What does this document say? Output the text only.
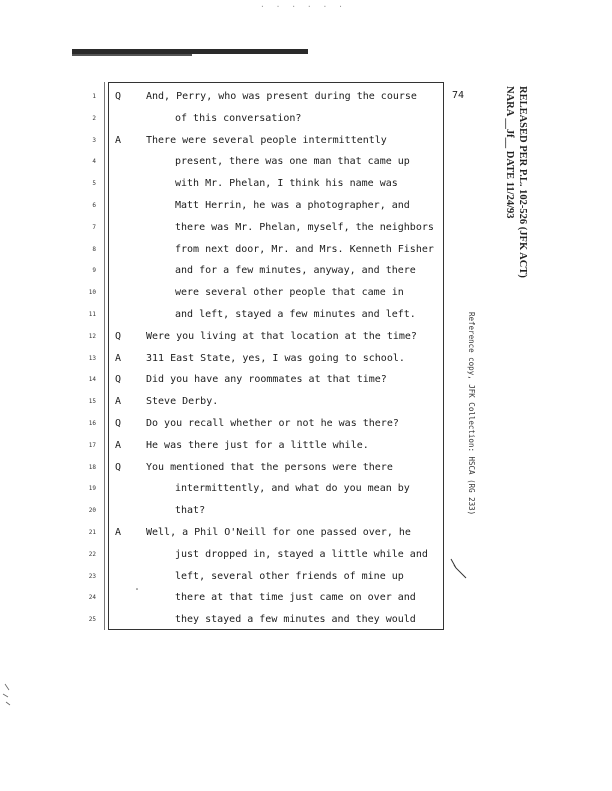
· · · · · ·
74	RELEASED PER P.L. 102-526 (JFK ACT)
NARA __Jf__ DATE 11/24/93
Reference copy, JFK Collection: HSCA (RG 233)
1 Q And, Perry, who was present during the course
2	of this conversation?
3 A There were several people intermittently
4	present, there was one man that came up
5	with Mr. Phelan, I think his name was
6	Matt Herrin, he was a photographer, and
7	there was Mr. Phelan, myself, the neighbors
8	from next door, Mr. and Mrs. Kenneth Fisher
9	and for a few minutes, anyway, and there
10	were several other people that came in
11	and left, stayed a few minutes and left.
12 Q Were you living at that location at the time?
13 A 311 East State, yes, I was going to school.
14 Q Did you have any roommates at that time?
15 A Steve Derby.
16 Q Do you recall whether or not he was there?
17 A He was there just for a little while.
18 Q You mentioned that the persons were there
19	intermittently, and what do you mean by
20	that?
21 A Well, a Phil O'Neill for one passed over, he
22	just dropped in, stayed a little while and
23	left, several other friends of mine up
24	there at that time just came on over and
25	they stayed a few minutes and they would
